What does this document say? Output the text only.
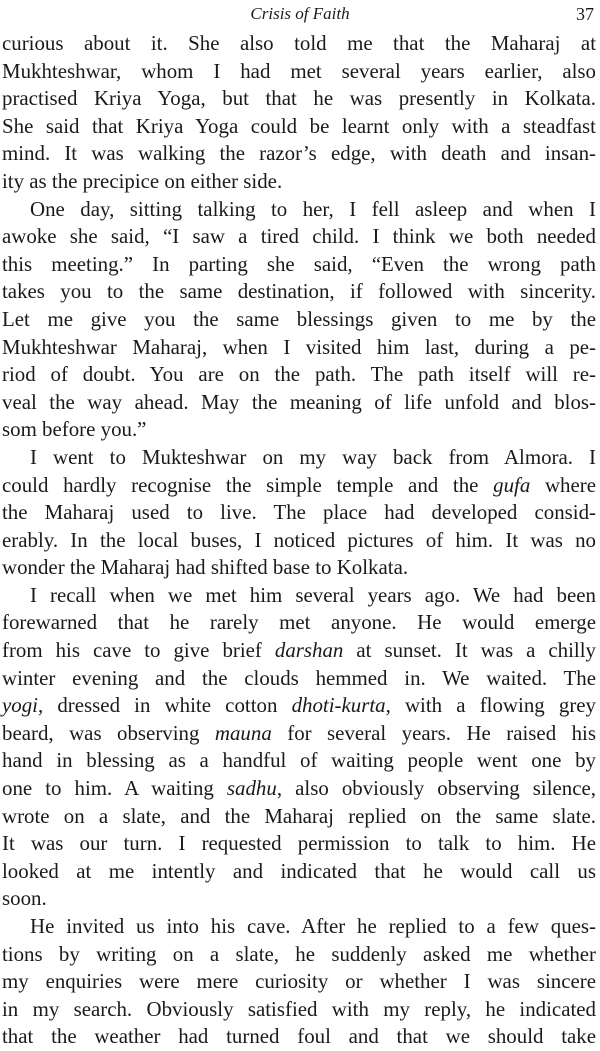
Crisis of Faith	37
curious about it. She also told me that the Maharaj at
Mukhteshwar, whom I had met several years earlier, also
practised Kriya Yoga, but that he was presently in Kolkata.
She said that Kriya Yoga could be learnt only with a steadfast
mind. It was walking the razor’s edge, with death and insan-
ity as the precipice on either side.
One day, sitting talking to her, I fell asleep and when I
awoke she said, “I saw a tired child. I think we both needed
this meeting.” In parting she said, “Even the wrong path
takes you to the same destination, if followed with sincerity.
Let me give you the same blessings given to me by the
Mukhteshwar Maharaj, when I visited him last, during a pe-
riod of doubt. You are on the path. The path itself will re-
veal the way ahead. May the meaning of life unfold and blos-
som before you.”
I went to Mukteshwar on my way back from Almora. I
could hardly recognise the simple temple and the gufa where
the Maharaj used to live. The place had developed consid-
erably. In the local buses, I noticed pictures of him. It was no
wonder the Maharaj had shifted base to Kolkata.
I recall when we met him several years ago. We had been
forewarned that he rarely met anyone. He would emerge
from his cave to give brief darshan at sunset. It was a chilly
winter evening and the clouds hemmed in. We waited. The
yogi, dressed in white cotton dhoti-kurta, with a flowing grey
beard, was observing mauna for several years. He raised his
hand in blessing as a handful of waiting people went one by
one to him. A waiting sadhu, also obviously observing silence,
wrote on a slate, and the Maharaj replied on the same slate.
It was our turn. I requested permission to talk to him. He
looked at me intently and indicated that he would call us
soon.
He invited us into his cave. After he replied to a few ques-
tions by writing on a slate, he suddenly asked me whether
my enquiries were mere curiosity or whether I was sincere
in my search. Obviously satisfied with my reply, he indicated
that the weather had turned foul and that we should take
